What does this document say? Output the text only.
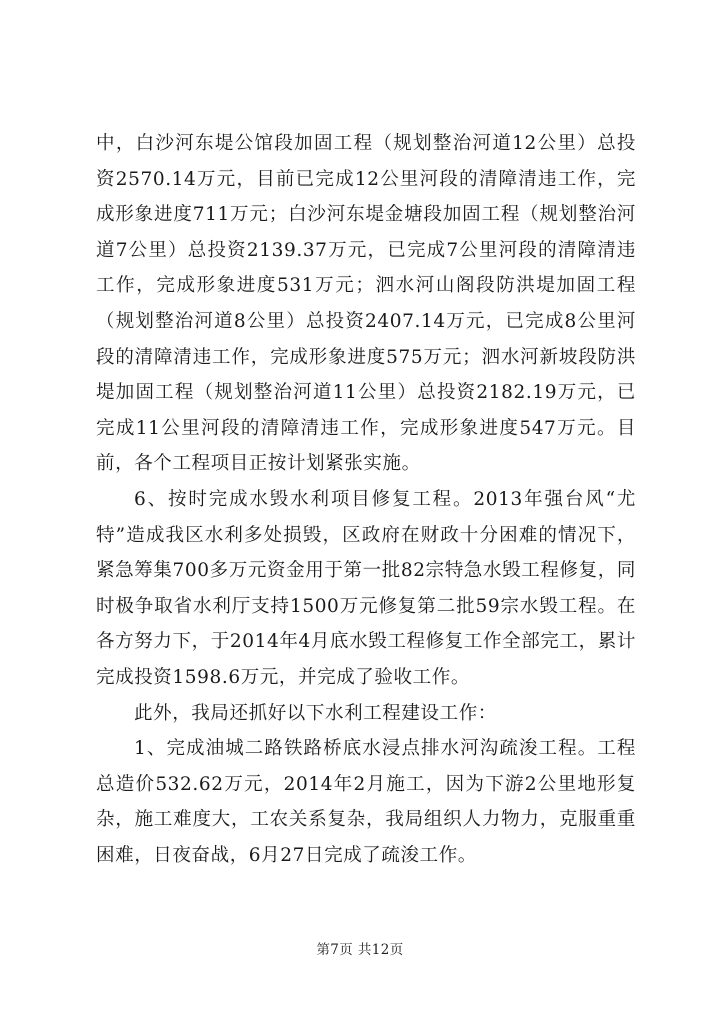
中，白沙河东堤公馆段加固工程（规划整治河道12公里）总投资2570.14万元，目前已完成12公里河段的清障清违工作，完成形象进度711万元；白沙河东堤金塘段加固工程（规划整治河道7公里）总投资2139.37万元，已完成7公里河段的清障清违工作，完成形象进度531万元；泗水河山阁段防洪堤加固工程（规划整治河道8公里）总投资2407.14万元，已完成8公里河段的清障清违工作，完成形象进度575万元；泗水河新坡段防洪堤加固工程（规划整治河道11公里）总投资2182.19万元，已完成11公里河段的清障清违工作，完成形象进度547万元。目前，各个工程项目正按计划紧张实施。

6、按时完成水毁水利项目修复工程。2013年强台风“尤特”造成我区水利多处损毁，区政府在财政十分困难的情况下，紧急筹集700多万元资金用于第一批82宗特急水毁工程修复，同时极争取省水利厅支持1500万元修复第二批59宗水毁工程。在各方努力下，于2014年4月底水毁工程修复工作全部完工，累计完成投资1598.6万元，并完成了验收工作。

此外，我局还抓好以下水利工程建设工作：

1、完成油城二路铁路桥底水浸点排水河沟疏浚工程。工程总造价532.62万元，2014年2月施工，因为下游2公里地形复杂，施工难度大，工农关系复杂，我局组织人力物力，克服重重困难，日夜奋战，6月27日完成了疏浚工作。

第7页 共12页
